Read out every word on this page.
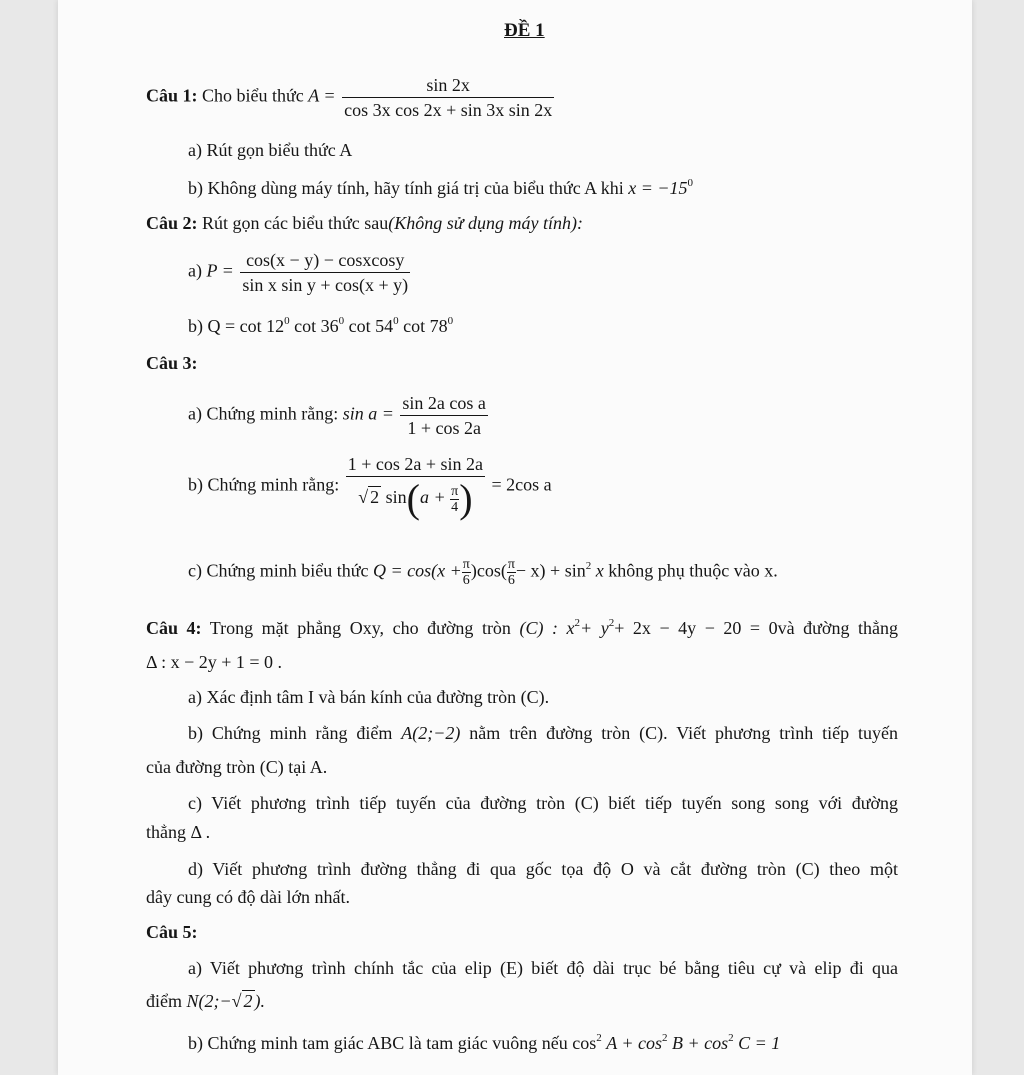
ĐỀ 1
Câu 1: Cho biểu thức $A = \frac{\sin 2x}{\text{cos 3x cos 2x + sin 3x sin 2x}}$
a) Rút gọn biểu thức A
b) Không dùng máy tính, hãy tính giá trị của biểu thức A khi $x = -15^0$
Câu 2: Rút gọn các biểu thức sau(Không sử dụng máy tính):
a) $P = \frac{\text{cos(x − y) − cosxcosy}}{\text{sin x sin y + cos(x + y)}}$
b) $Q = \cot 12^0$ $\cot 36^0$ $\cot 54^0$ $\cot 78^0$
Câu 3:
a) Chứng minh rằng: $\sin a = \frac{\text{sin 2a cos a}}{1 + \cos 2a}$
b) Chứng minh rằng: $\frac{1 + \cos 2a + \sin 2a}{√ 2 \sin(a + \frac{\pi}{4} )} = 2\cos$ a
c) Chứng minh biểu thức $Q = \cos(x + \frac{\pi}{6} )\cos( \frac{\pi}{6} - x) + \sin^2 x$ không phụ thuộc vào x.
Câu 4: Trong mặt phẳng Oxy, cho đường tròn (C) : $x^2+ y^2+ 2x - 4y - 20$ = 0và đường thẳng
Δ : x − 2y + 1 = 0 .
a) Xác định tâm I và bán kính của đường tròn (C).
b) Chứng minh rằng điểm A(2;−2) nằm trên đường tròn (C). Viết phương trình tiếp tuyến
của đường tròn (C) tại A.
c) Viết phương trình tiếp tuyến của đường tròn (C) biết tiếp tuyến song song với đường
thẳng Δ .
d) Viết phương trình đường thẳng đi qua gốc tọa độ O và cắt đường tròn (C) theo một
dây cung có độ dài lớn nhất.
Câu 5:
a) Viết phương trình chính tắc của elip (E) biết độ dài trục bé bằng tiêu cự và elip đi qua
điểm N(2;−√ 2 ).
b) Chứng minh tam giác ABC là tam giác vuông nếu $\cos^2 A + \cos^2 B + \cos^2 C = 1$
